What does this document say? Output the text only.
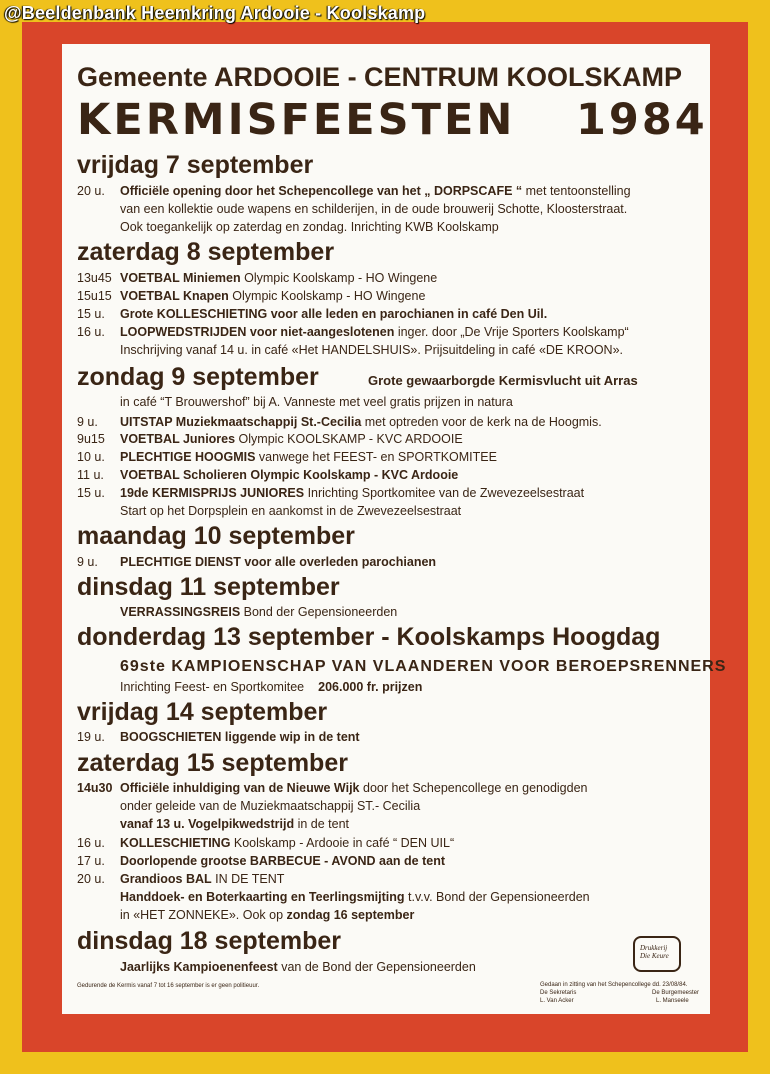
@Beeldenbank Heemkring Ardooie - Koolskamp
Gemeente ARDOOIE - CENTRUM KOOLSKAMP
KERMISFEESTEN 1984
vrijdag 7 september
20 u. Officiële opening door het Schepencollege van het „ DORPSCAFE “ met tentoonstelling
van een kollektie oude wapens en schilderijen, in de oude brouwerij Schotte, Kloosterstraat.
Ook toegankelijk op zaterdag en zondag. Inrichting KWB Koolskamp
zaterdag 8 september
13u45 VOETBAL Miniemen Olympic Koolskamp - HO Wingene
15u15 VOETBAL Knapen Olympic Koolskamp - HO Wingene
15 u. Grote KOLLESCHIETING voor alle leden en parochianen in café Den Uil.
16 u. LOOPWEDSTRIJDEN voor niet-aangeslotenen inger. door „De Vrije Sporters Koolskamp“
Inschrijving vanaf 14 u. in café «Het HANDELSHUIS». Prijsuitdeling in café «DE KROON».
zondag 9 september	Grote gewaarborgde Kermisvlucht uit Arras
in café “T Brouwershof” bij A. Vanneste met veel gratis prijzen in natura
9 u. UITSTAP Muziekmaatschappij St.-Cecilia met optreden voor de kerk na de Hoogmis.
9u15 VOETBAL Juniores Olympic KOOLSKAMP - KVC ARDOOIE
10 u. PLECHTIGE HOOGMIS vanwege het FEEST- en SPORTKOMITEE
11 u. VOETBAL Scholieren Olympic Koolskamp - KVC Ardooie
15 u. 19de KERMISPRIJS JUNIORES Inrichting Sportkomitee van de Zwevezeelsestraat
Start op het Dorpsplein en aankomst in de Zwevezeelsestraat
maandag 10 september
9 u. PLECHTIGE DIENST voor alle overleden parochianen
dinsdag 11 september
VERRASSINGSREIS Bond der Gepensioneerden
donderdag 13 september - Koolskamps Hoogdag
69ste KAMPIOENSCHAP VAN VLAANDEREN VOOR BEROEPSRENNERS
Inrichting Feest- en Sportkomitee 206.000 fr. prijzen
vrijdag 14 september
19 u. BOOGSCHIETEN liggende wip in de tent
zaterdag 15 september
14u30 Officiële inhuldiging van de Nieuwe Wijk door het Schepencollege en genodigden
onder geleide van de Muziekmaatschappij ST.- Cecilia
vanaf 13 u. Vogelpikwedstrijd in de tent
16 u. KOLLESCHIETING Koolskamp - Ardooie in café “ DEN UIL“
17 u. Doorlopende grootse BARBECUE - AVOND aan de tent
20 u. Grandioos BAL IN DE TENT
Handdoek- en Boterkaarting en Teerlingsmijting t.v.v. Bond der Gepensioneerden
in «HET ZONNEKE». Ook op zondag 16 september
dinsdag 18 september
Jaarlijks Kampioenenfeest van de Bond der Gepensioneerden
Drukkerij Die Keure
Gedurende de Kermis vanaf 7 tot 16 september is er geen politieuur.	Gedaan in zitting van het Schepencollege dd. 23/08/84.
De Sekretaris	De Burgemeester
L. Van Acker	L. Manseele
